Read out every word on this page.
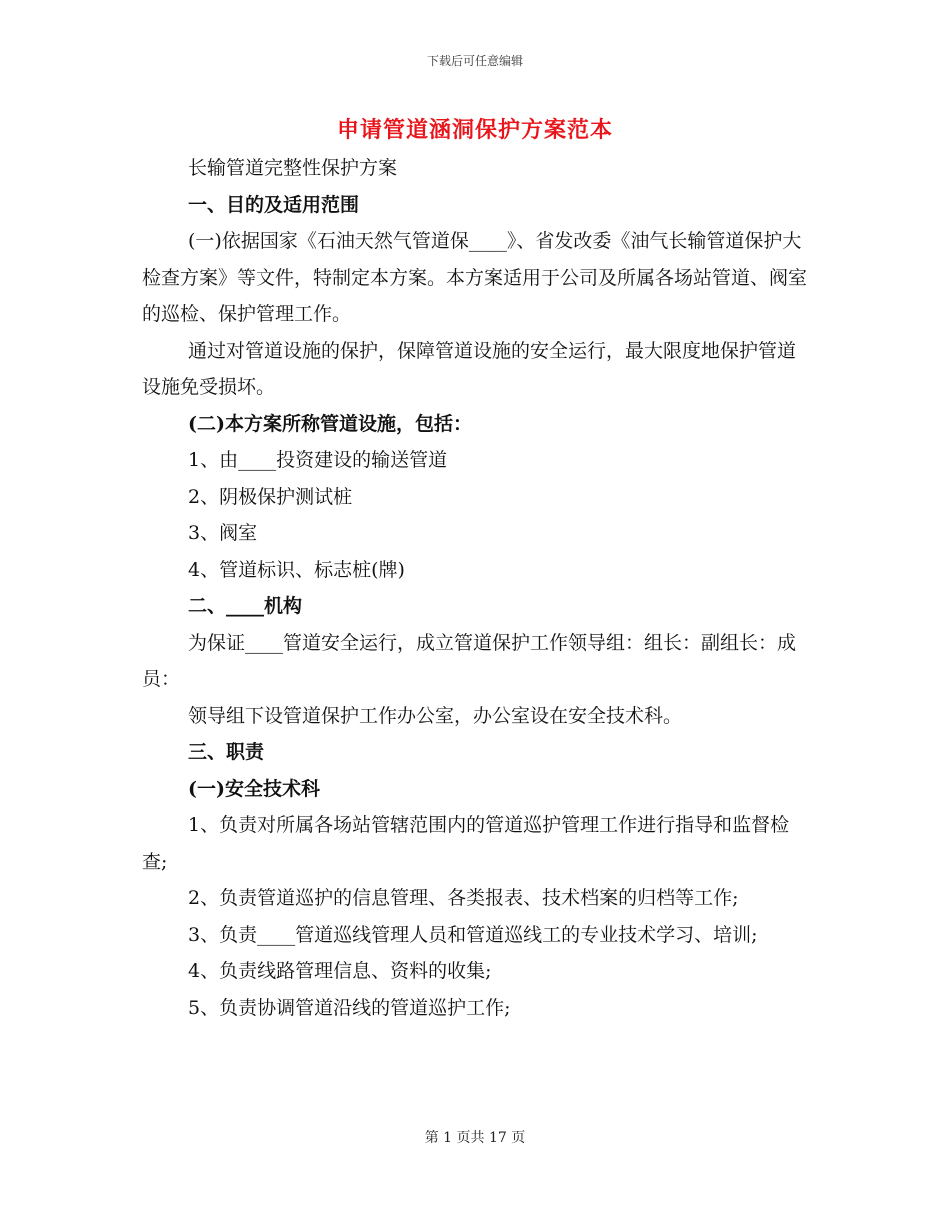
下载后可任意编辑
申请管道涵洞保护方案范本

长输管道完整性保护方案

一、目的及适用范围

(一)依据国家《石油天然气管道保____》、省发改委《油气长输管道保护大检查方案》等文件，特制定本方案。本方案适用于公司及所属各场站管道、阀室的巡检、保护管理工作。

通过对管道设施的保护，保障管道设施的安全运行，最大限度地保护管道设施免受损坏。

(二)本方案所称管道设施，包括：

1、由____投资建设的输送管道

2、阴极保护测试桩

3、阀室

4、管道标识、标志桩(牌)

二、____机构

为保证____管道安全运行，成立管道保护工作领导组：组长：副组长：成员：

领导组下设管道保护工作办公室，办公室设在安全技术科。

三、职责

(一)安全技术科

1、负责对所属各场站管辖范围内的管道巡护管理工作进行指导和监督检查;

2、负责管道巡护的信息管理、各类报表、技术档案的归档等工作;

3、负责____管道巡线管理人员和管道巡线工的专业技术学习、培训;

4、负责线路管理信息、资料的收集;

5、负责协调管道沿线的管道巡护工作;

第 1 页共 17 页
